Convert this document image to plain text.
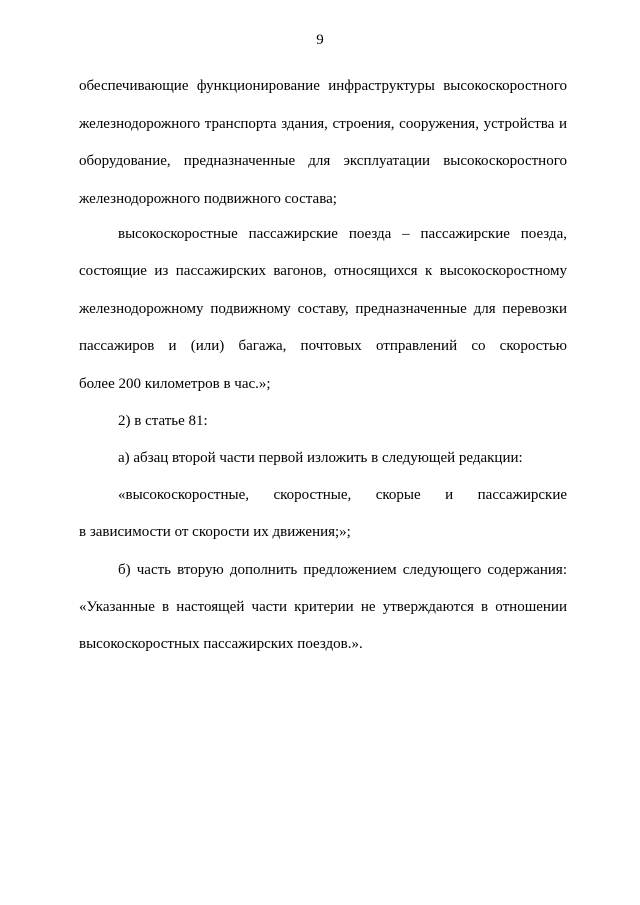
9
обеспечивающие функционирование инфраструктуры высокоскоростного
железнодорожного транспорта здания, строения, сооружения, устройства и
оборудование, предназначенные для эксплуатации высокоскоростного
железнодорожного подвижного состава;
высокоскоростные пассажирские поезда – пассажирские поезда,
состоящие из пассажирских вагонов, относящихся к высокоскоростному
железнодорожному подвижному составу, предназначенные для перевозки
пассажиров и (или) багажа, почтовых отправлений со скоростью
более 200 километров в час.»;
2) в статье 81:
а) абзац второй части первой изложить в следующей редакции:
«высокоскоростные, скоростные, скорые и пассажирские
в зависимости от скорости их движения;»;
б) часть вторую дополнить предложением следующего содержания:
«Указанные в настоящей части критерии не утверждаются в отношении
высокоскоростных пассажирских поездов.».
